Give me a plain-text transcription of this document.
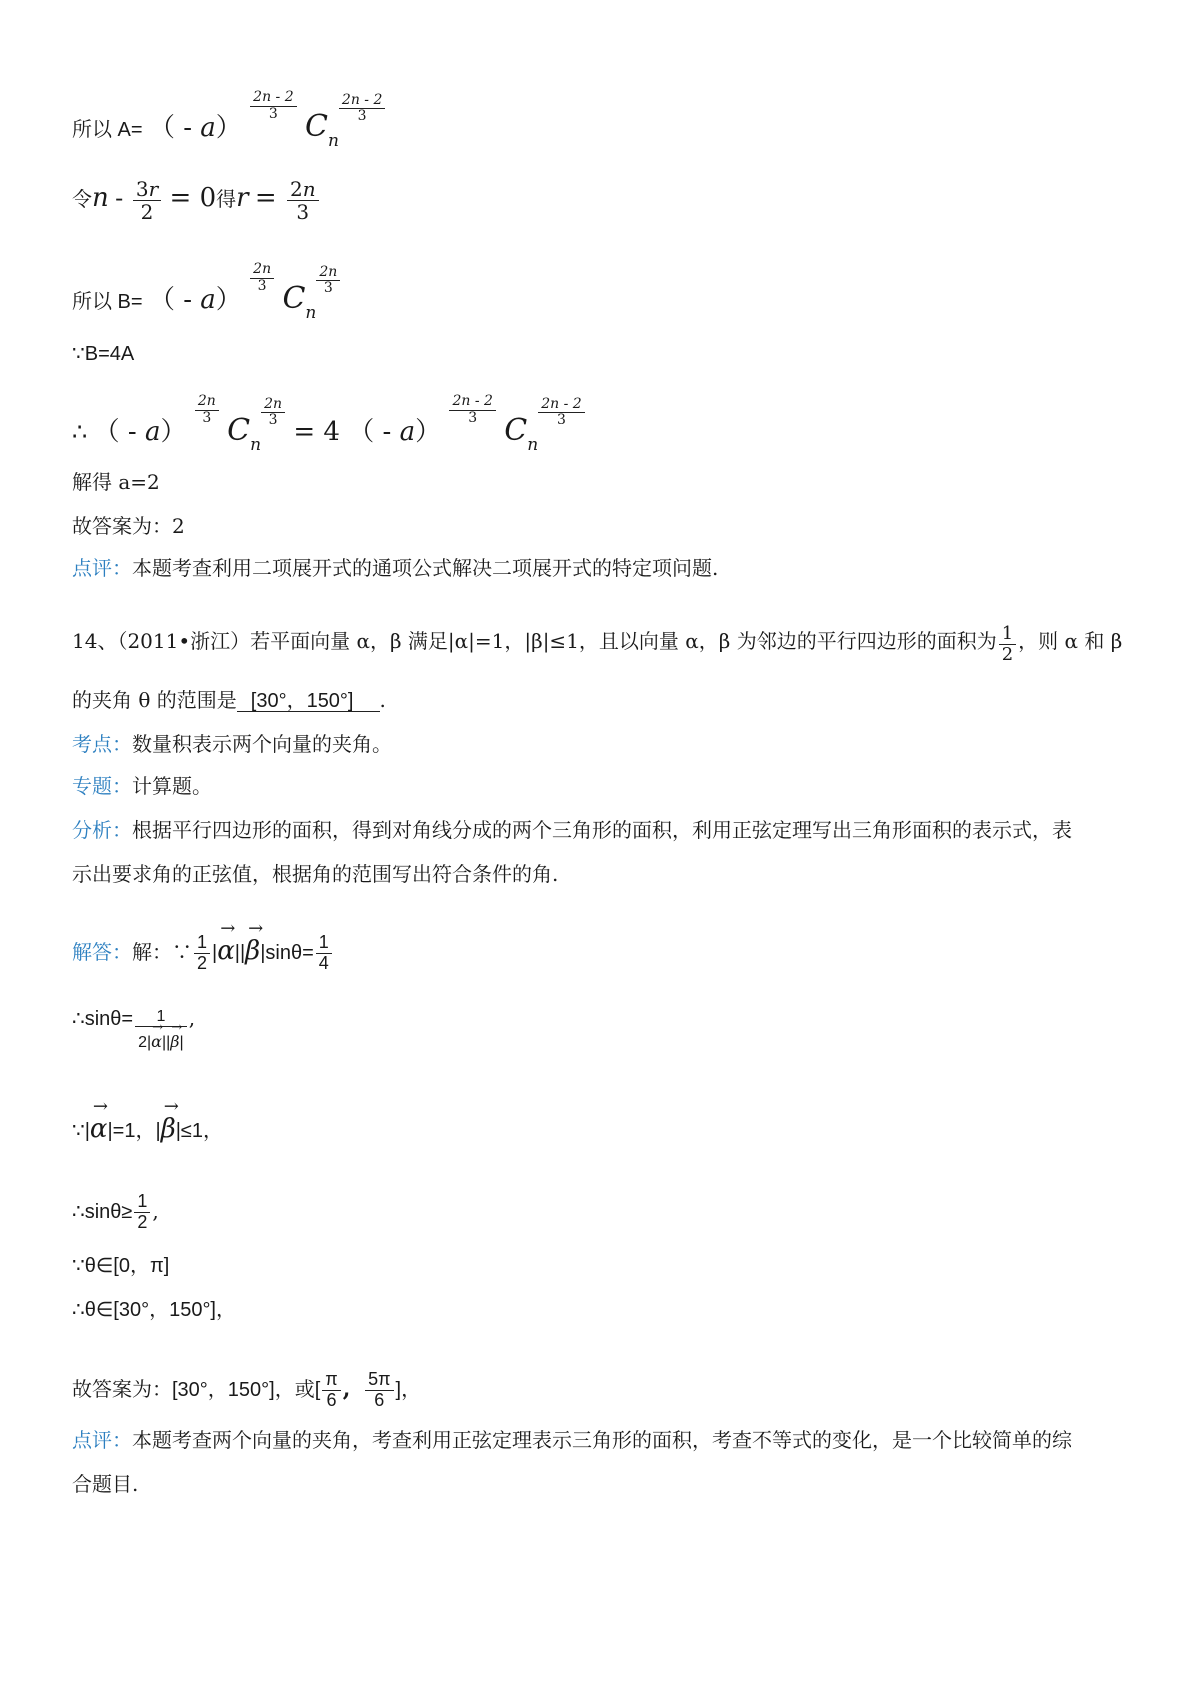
所以 A= （ - a）
$\frac{2n - 2}{3}$
$C_n$
$\frac{2n - 2}{3}$
令$n - \frac{3r}{2} = 0$得$r = \frac{2n}{3}$
所以 B= （ - a）
$\frac{2n}{3}$
$C_n$
$\frac{2n}{3}$
∵B=4A
∴ （ - a）
$\frac{2n}{3}$
$C_n$
$\frac{2n}{3}$
= 4 （ - a）
$\frac{2n - 2}{3}$
$C_n$
$\frac{2n - 2}{3}$
解得 a=2
故答案为：2
点评：本题考查利用二项展开式的通项公式解决二项展开式的特定项问题.
14、（2011•浙江）若平面向量 α，β 满足|α|=1，|β|≤1，且以向量 α，β 为邻边的平行四边形的面积为 $\frac{1}{2}$ ，则 α 和 β
的夹角 θ 的范围是 [30°，150°] .
考点：数量积表示两个向量的夹角。
专题：计算题。
分析：根据平行四边形的面积，得到对角线分成的两个三角形的面积，利用正弦定理写出三角形面积的表示式，表
示出要求角的正弦值，根据角的范围写出符合条件的角.
解答：解：∵ $\frac{1}{2}$ |
→
α||
→
$\beta|\sin\theta= \frac{1}{4}$
∴sinθ= 1
2|
→
α||
→
β| ,
∵|
→
α|=1，|
→
β|≤1，
∴sinθ≥ $\frac{1}{2}$ ,
∵θ∈[0，π]
∴θ∈[30°，150°]，
故答案为：[30°，150°]，或[ $\frac{\pi}{6}$ , $\frac{5\pi}{6}$ ]，
点评：本题考查两个向量的夹角，考查利用正弦定理表示三角形的面积，考查不等式的变化，是一个比较简单的综
合题目.
